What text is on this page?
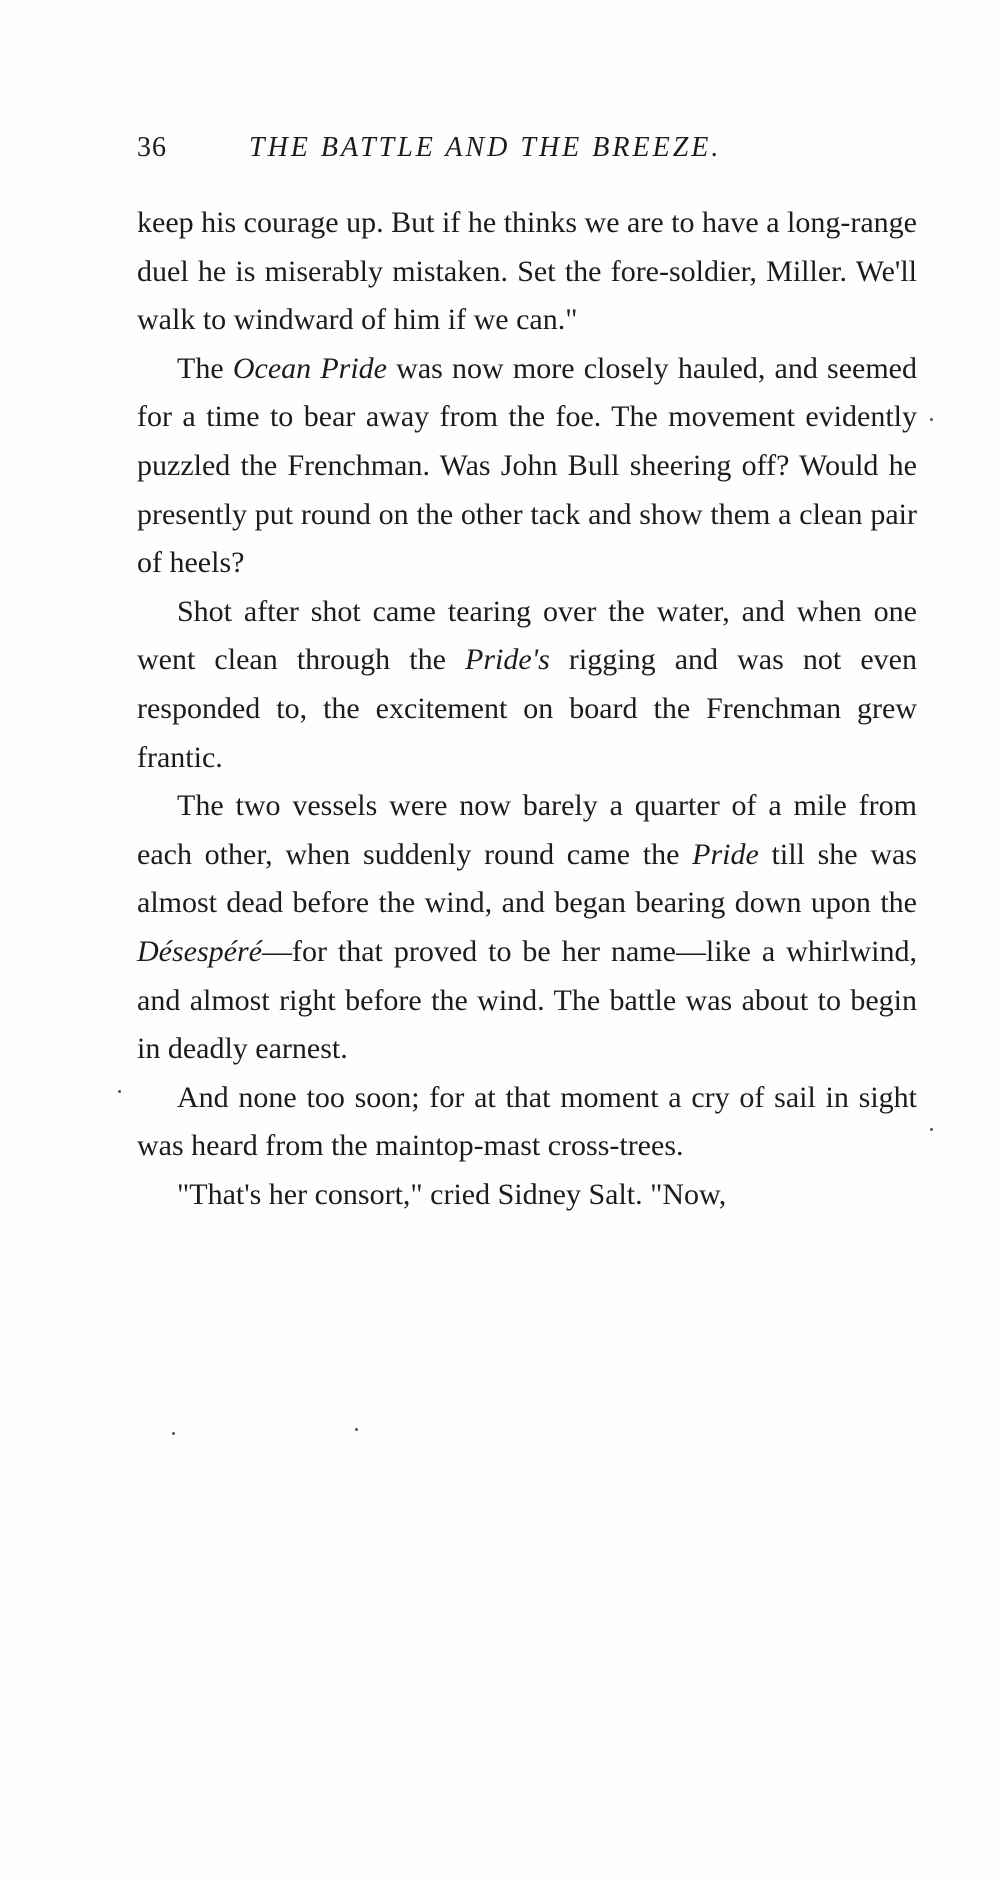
36	THE BATTLE AND THE BREEZE.

keep his courage up. But if he thinks we are to have a long-range duel he is miserably mistaken. Set the fore-soldier, Miller. We'll walk to windward of him if we can."

The Ocean Pride was now more closely hauled, and seemed for a time to bear away from the foe. The movement evidently puzzled the Frenchman. Was John Bull sheering off? Would he presently put round on the other tack and show them a clean pair of heels?

Shot after shot came tearing over the water, and when one went clean through the Pride's rigging and was not even responded to, the excitement on board the Frenchman grew frantic.

The two vessels were now barely a quarter of a mile from each other, when suddenly round came the Pride till she was almost dead before the wind, and began bearing down upon the Désespéré—for that proved to be her name—like a whirlwind, and almost right before the wind. The battle was about to begin in deadly earnest.

And none too soon; for at that moment a cry of sail in sight was heard from the maintop-mast cross-trees.

"That's her consort," cried Sidney Salt. "Now,
